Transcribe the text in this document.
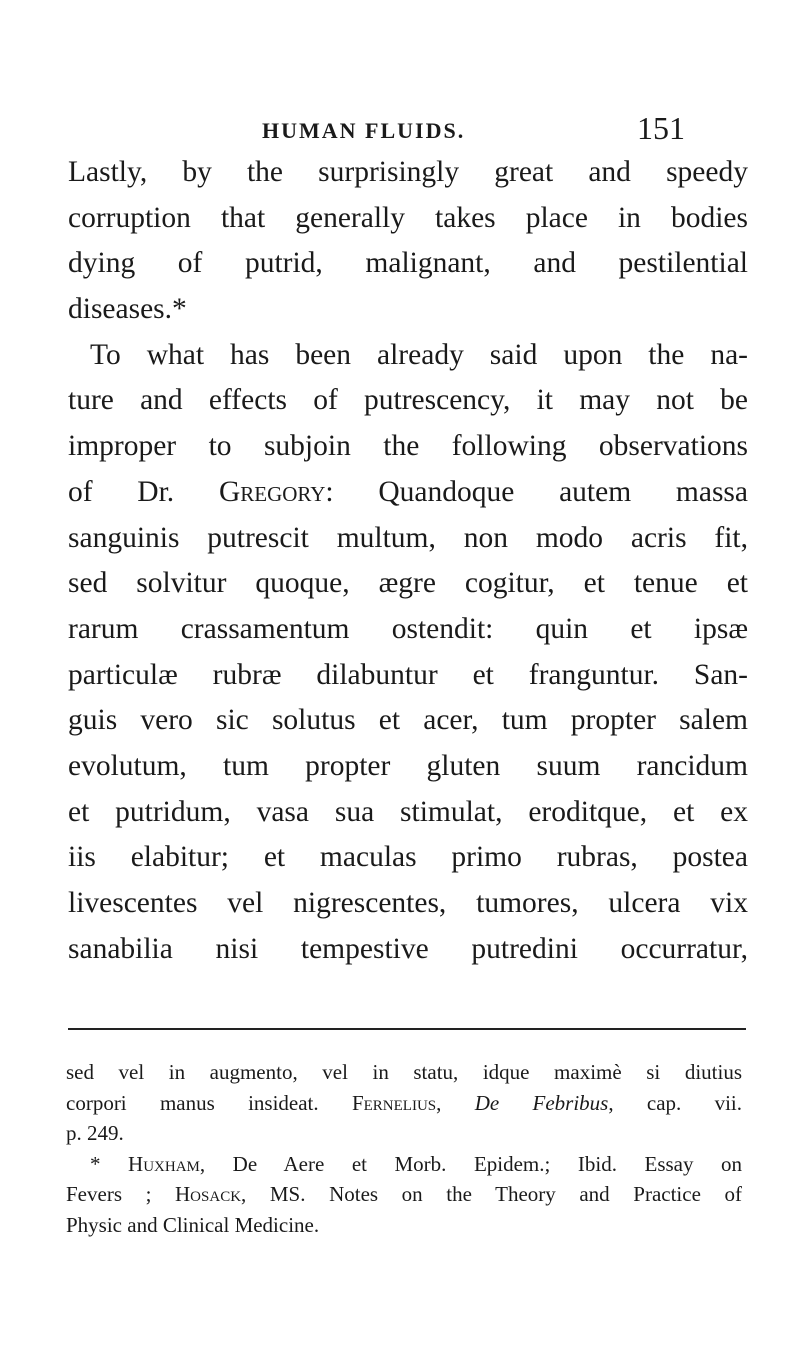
HUMAN FLUIDS.	151
Lastly, by the surprisingly great and speedy
corruption that generally takes place in bodies
dying of putrid, malignant, and pestilential
diseases.*
To what has been already said upon the na-
ture and effects of putrescency, it may not be
improper to subjoin the following observations
of Dr. Gregory: Quandoque autem massa
sanguinis putrescit multum, non modo acris fit,
sed solvitur quoque, ægre cogitur, et tenue et
rarum crassamentum ostendit: quin et ipsæ
particulæ rubræ dilabuntur et franguntur. San-
guis vero sic solutus et acer, tum propter salem
evolutum, tum propter gluten suum rancidum
et putridum, vasa sua stimulat, eroditque, et ex
iis elabitur; et maculas primo rubras, postea
livescentes vel nigrescentes, tumores, ulcera vix
sanabilia nisi tempestive putredini occurratur,
sed vel in augmento, vel in statu, idque maximè si diutius
corpori manus insideat. Fernelius, De Febribus, cap. vii.
p. 249.
* Huxham, De Aere et Morb. Epidem.; Ibid. Essay on
Fevers ; Hosack, MS. Notes on the Theory and Practice of
Physic and Clinical Medicine.
